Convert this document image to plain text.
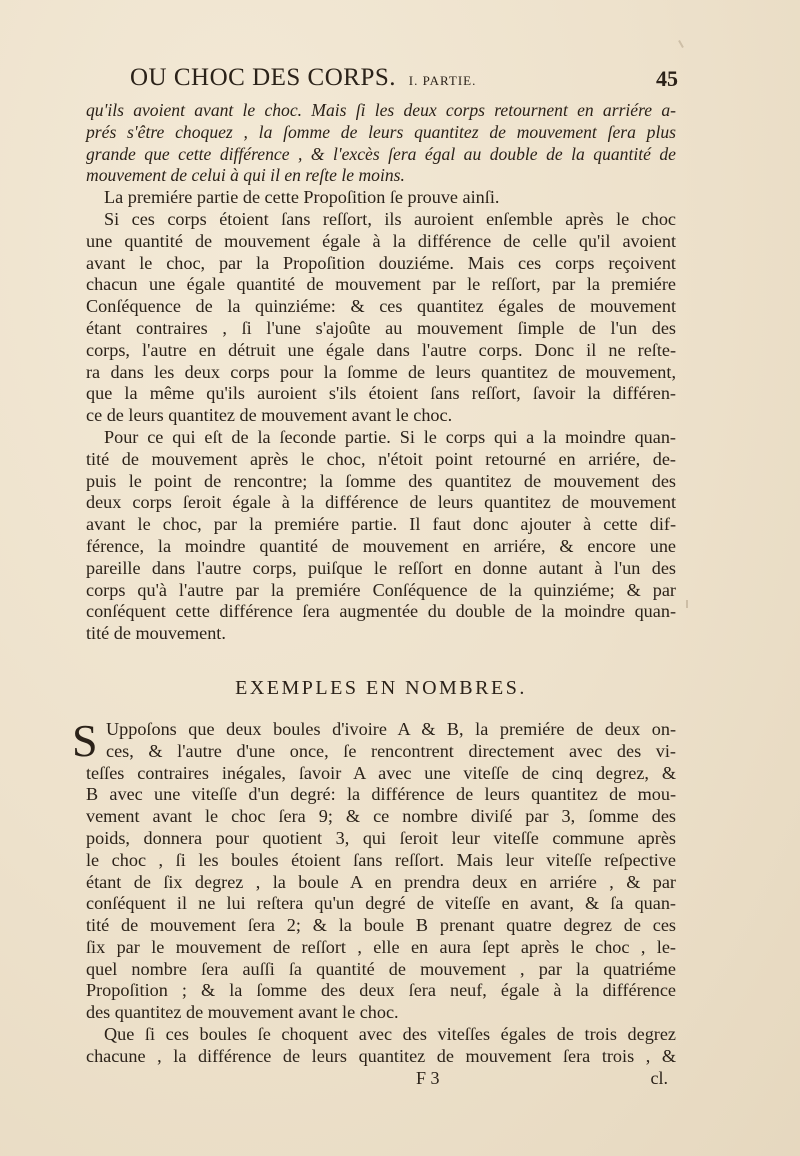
OU CHOC DES CORPS. I. PARTIE.	45
qu'ils avoient avant le choc. Mais ſi les deux corps retournent en arriére a-
prés s'être choquez , la ſomme de leurs quantitez de mouvement ſera plus
grande que cette différence , & l'excès ſera égal au double de la quantité de
mouvement de celui à qui il en reſte le moins.
La premiére partie de cette Propoſition ſe prouve ainſi.
Si ces corps étoient ſans reſſort, ils auroient enſemble après le choc
une quantité de mouvement égale à la différence de celle qu'il avoient
avant le choc, par la Propoſition douziéme. Mais ces corps reçoivent
chacun une égale quantité de mouvement par le reſſort, par la premiére
Conſéquence de la quinziéme: & ces quantitez égales de mouvement
étant contraires , ſi l'une s'ajoûte au mouvement ſimple de l'un des
corps, l'autre en détruit une égale dans l'autre corps. Donc il ne reſte-
ra dans les deux corps pour la ſomme de leurs quantitez de mouvement,
que la même qu'ils auroient s'ils étoient ſans reſſort, ſavoir la différen-
ce de leurs quantitez de mouvement avant le choc.
Pour ce qui eſt de la ſeconde partie. Si le corps qui a la moindre quan-
tité de mouvement après le choc, n'étoit point retourné en arriére, de-
puis le point de rencontre; la ſomme des quantitez de mouvement des
deux corps ſeroit égale à la différence de leurs quantitez de mouvement
avant le choc, par la premiére partie. Il faut donc ajouter à cette dif-
férence, la moindre quantité de mouvement en arriére, & encore une
pareille dans l'autre corps, puiſque le reſſort en donne autant à l'un des
corps qu'à l'autre par la premiére Conſéquence de la quinziéme; & par
conſéquent cette différence ſera augmentée du double de la moindre quan-
tité de mouvement.
EXEMPLES EN NOMBRES.
S Uppoſons que deux boules d'ivoire A & B, la premiére de deux on-
ces, & l'autre d'une once, ſe rencontrent directement avec des vi-
teſſes contraires inégales, ſavoir A avec une viteſſe de cinq degrez, &
B avec une viteſſe d'un degré: la différence de leurs quantitez de mou-
vement avant le choc ſera 9; & ce nombre diviſé par 3, ſomme des
poids, donnera pour quotient 3, qui ſeroit leur viteſſe commune après
le choc , ſi les boules étoient ſans reſſort. Mais leur viteſſe reſpective
étant de ſix degrez , la boule A en prendra deux en arriére , & par
conſéquent il ne lui reſtera qu'un degré de viteſſe en avant, & ſa quan-
tité de mouvement ſera 2; & la boule B prenant quatre degrez de ces
ſix par le mouvement de reſſort , elle en aura ſept après le choc , le-
quel nombre ſera auſſi ſa quantité de mouvement , par la quatriéme
Propoſition ; & la ſomme des deux ſera neuf, égale à la différence
des quantitez de mouvement avant le choc.
Que ſi ces boules ſe choquent avec des viteſſes égales de trois degrez
chacune , la différence de leurs quantitez de mouvement ſera trois , &
F 3	cl.
